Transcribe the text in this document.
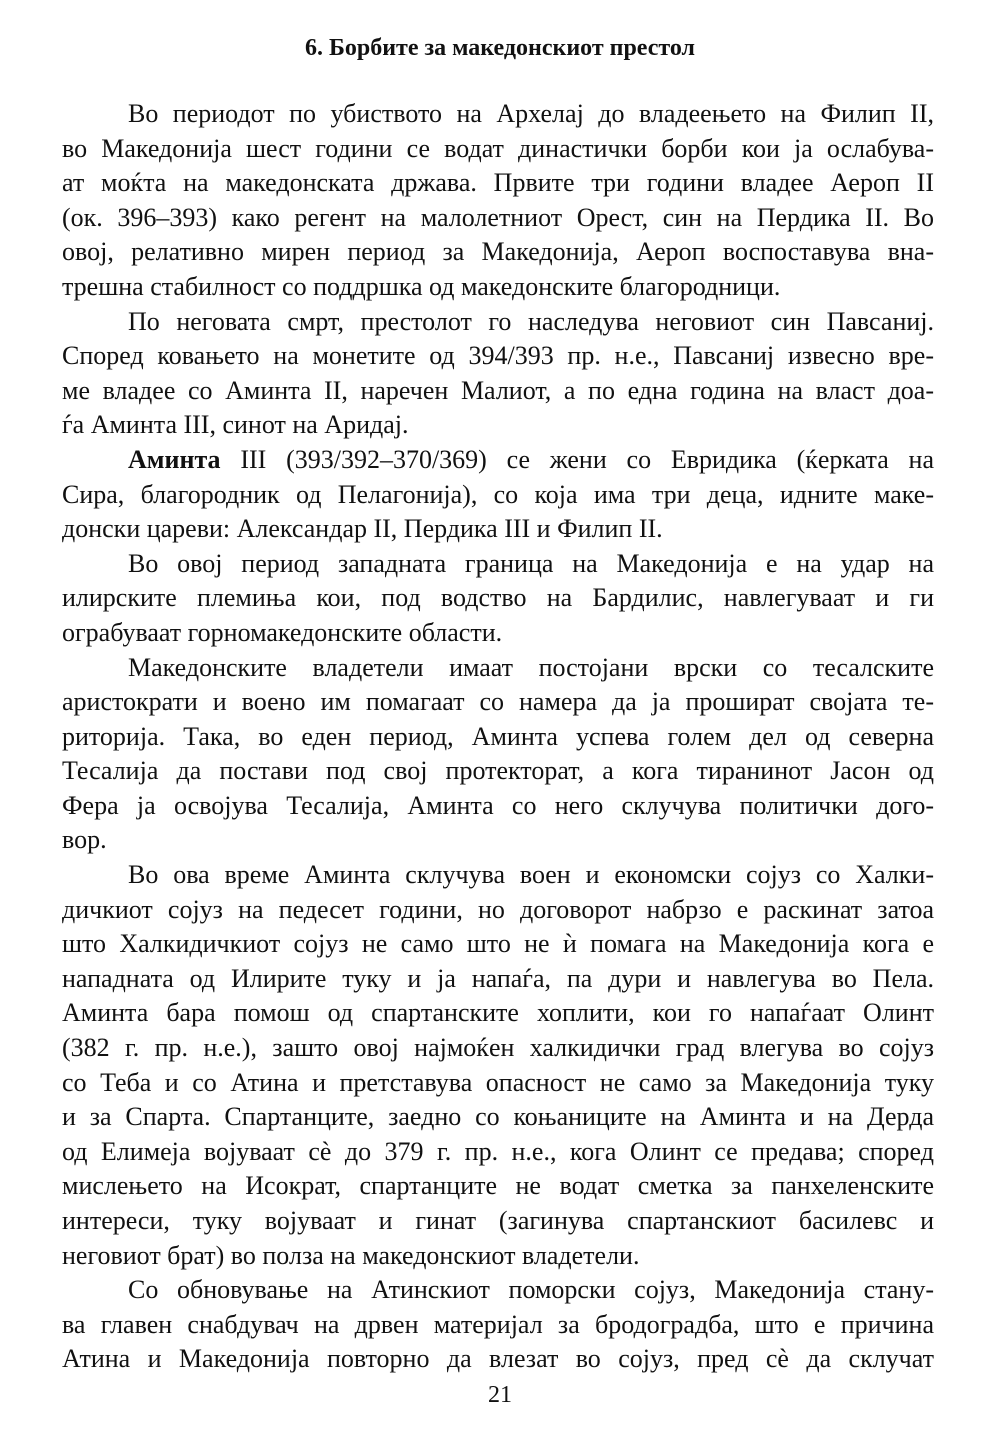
6. Борбите за македонскиот престол

Во периодот по убиството на Архелај до владеењето на Филип II,
во Македонија шест години се водат династички борби кои ја ослабува-
ат моќта на македонската држава. Првите три години владее Аероп II
(ок. 396–393) како регент на малолетниот Орест, син на Пердика II. Во
овој, релативно мирен период за Македонија, Аероп воспоставува вна-
трешна стабилност со поддршка од македонските благородници.

По неговата смрт, престолот го наследува неговиот син Павсаниј.
Според ковањето на монетите од 394/393 пр. н.е., Павсаниј извесно вре-
ме владее со Аминта II, наречен Малиот, а по една година на власт доа-
ѓа Аминта III, синот на Аридај.

Аминта III (393/392–370/369) се жени со Евридика (ќерката на
Сира, благородник од Пелагонија), со која има три деца, идните маке-
донски цареви: Александар II, Пердика III и Филип II.

Во овој период западната граница на Македонија е на удар на
илирските племиња кои, под водство на Бардилис, навлегуваат и ги
ограбуваат горномакедонските области.

Македонските владетели имаат постојани врски со тесалските
аристократи и воено им помагаат со намера да ја прошират својата те-
риторија. Така, во еден период, Аминта успева голем дел од северна
Тесалија да постави под свој протекторат, а кога тиранинот Јасон од
Фера ја освојува Тесалија, Аминта со него склучува политички дого-
вор.

Во ова време Аминта склучува воен и економски сојуз со Халки-
дичкиот сојуз на педесет години, но договорот набрзо е раскинат затоа
што Халкидичкиот сојуз не само што не ѝ помага на Македонија кога е
нападната од Илирите туку и ја напаѓа, па дури и навлегува во Пела.
Аминта бара помош од спартанските хоплити, кои го напаѓаат Олинт
(382 г. пр. н.е.), зашто овој најмоќен халкидички град влегува во сојуз
со Теба и со Атина и претставува опасност не само за Македонија туку
и за Спарта. Спартанците, заедно со коњаниците на Аминта и на Дерда
од Елимеја војуваат сѐ до 379 г. пр. н.е., кога Олинт се предава; според
мислењето на Исократ, спартанците не водат сметка за панхеленските
интереси, туку војуваат и гинат (загинува спартанскиот басилевс и
неговиот брат) во полза на македонскиот владетели.

Со обновување на Атинскиот поморски сојуз, Македонија стану-
ва главен снабдувач на дрвен материјал за бродоградба, што е причина
Атина и Македонија повторно да влезат во сојуз, пред сѐ да склучат

21
